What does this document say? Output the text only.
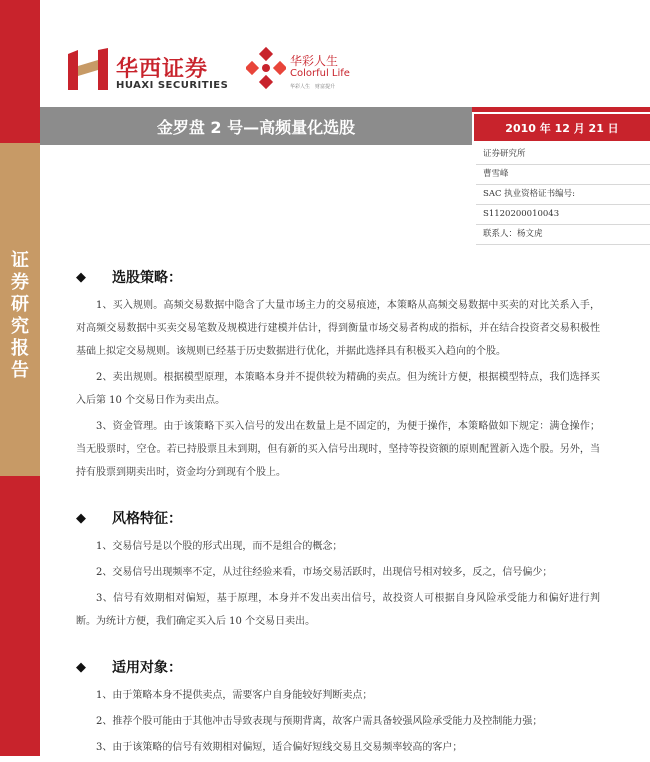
证
券
研
究
报
告
华西证券
HUAXI SECURITIES
华彩人生
Colorful Life
华彩人生　财富提升
金罗盘 2 号—高频量化选股	2010 年 12 月 21 日
证券研究所
曹雪峰
SAC 执业资格证书编号:
S1120200010043
联系人：杨文虎
◆	选股策略：

1、买入规则。高频交易数据中隐含了大量市场主力的交易痕迹，本策略从高频交易数据中买卖的对比关系入手，对高频交易数据中买卖交易笔数及规模进行建模并估计，得到衡量市场交易者构成的指标，并在结合投资者交易积极性基础上拟定交易规则。该规则已经基于历史数据进行优化，并据此选择具有积极买入趋向的个股。

2、卖出规则。根据模型原理，本策略本身并不提供较为精确的卖点。但为统计方便，根据模型特点，我们选择买入后第 10 个交易日作为卖出点。

3、资金管理。由于该策略下买入信号的发出在数量上是不固定的，为便于操作，本策略做如下规定：满仓操作；当无股票时，空仓。若已持股票且未到期，但有新的买入信号出现时，坚持等投资额的原则配置新入选个股。另外，当持有股票到期卖出时，资金均分到现有个股上。

◆	风格特征：

1、交易信号是以个股的形式出现，而不是组合的概念；

2、交易信号出现频率不定，从过往经验来看，市场交易活跃时，出现信号相对较多，反之，信号偏少；

3、信号有效期相对偏短，基于原理，本身并不发出卖出信号，故投资人可根据自身风险承受能力和偏好进行判断。为统计方便，我们确定买入后 10 个交易日卖出。

◆	适用对象：

1、由于策略本身不提供卖点，需要客户自身能较好判断卖点；

2、推荐个股可能由于其他冲击导致表现与预期背离，故客户需具备较强风险承受能力及控制能力强；

3、由于该策略的信号有效期相对偏短，适合偏好短线交易且交易频率较高的客户；
